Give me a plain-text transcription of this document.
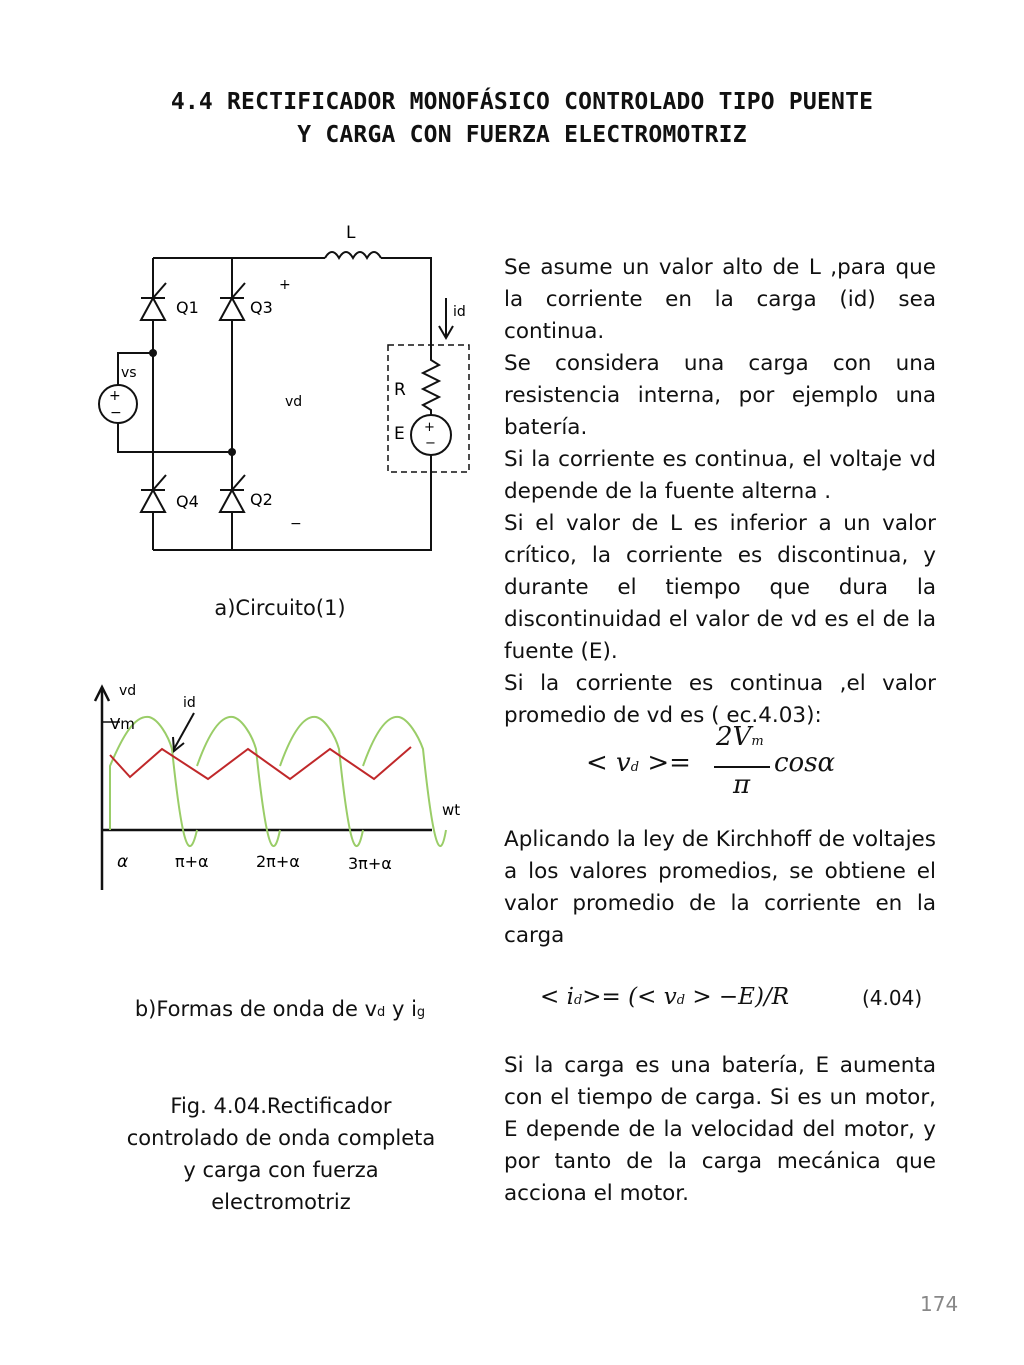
4.4 RECTIFICADOR MONOFÁSICO CONTROLADO TIPO PUENTE
Y CARGA CON FUERZA ELECTROMOTRIZ
L
Q1	Q3
Q4	Q2
vs
+
−
+
vd
−
id
R
E +
−
a)Circuito(1)
vd
id
Vm
wt
α	π+α	2π+α	3π+α
b)Formas de onda de vd y ig
Fig. 4.04.Rectificador
controlado de onda completa
y carga con fuerza
electromotriz

Se asume un valor alto de L ,para que la corriente en la carga (id) sea continua.

Se considera una carga con una resistencia interna, por ejemplo una batería.

Si la corriente es continua, el voltaje vd depende de la fuente alterna .

Si el valor de L es inferior a un valor crítico, la corriente es discontinua, y durante el tiempo que dura la discontinuidad el valor de vd es el de la fuente (E).

Si la corriente es continua ,el valor promedio de vd es ( ec.4.03):

< vd >=
2Vm
π
cosα

Aplicando la ley de Kirchhoff de voltajes a los valores promedios, se obtiene el valor promedio de la corriente en la carga

< id>= (< vd > −E)/R	(4.04)

Si la carga es una batería, E aumenta con el tiempo de carga. Si es un motor, E depende de la velocidad del motor, y por tanto de la carga mecánica que acciona el motor.

174
